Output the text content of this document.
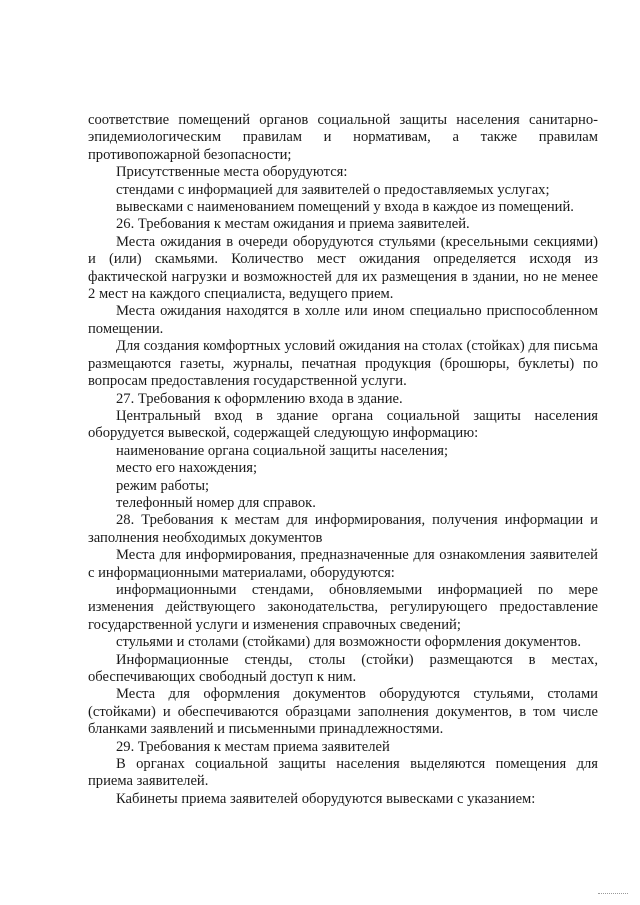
соответствие помещений органов социальной защиты населения санитарно-эпидемиологическим правилам и нормативам, а также правилам противопожарной безопасности;

Присутственные места оборудуются:

стендами с информацией для заявителей о предоставляемых услугах;

вывесками с наименованием помещений у входа в каждое из помещений.

26. Требования к местам ожидания и приема заявителей.

Места ожидания в очереди оборудуются стульями (кресельными секциями) и (или) скамьями. Количество мест ожидания определяется исходя из фактической нагрузки и возможностей для их размещения в здании, но не менее 2 мест на каждого специалиста, ведущего прием.

Места ожидания находятся в холле или ином специально приспособленном помещении.

Для создания комфортных условий ожидания на столах (стойках) для письма размещаются газеты, журналы, печатная продукция (брошюры, буклеты) по вопросам предоставления государственной услуги.

27. Требования к оформлению входа в здание.

Центральный вход в здание органа социальной защиты населения оборудуется вывеской, содержащей следующую информацию:

наименование органа социальной защиты населения;

место его нахождения;

режим работы;

телефонный номер для справок.

28. Требования к местам для информирования, получения информации и заполнения необходимых документов

Места для информирования, предназначенные для ознакомления заявителей с информационными материалами, оборудуются:

информационными стендами, обновляемыми информацией по мере изменения действующего законодательства, регулирующего предоставление государственной услуги и изменения справочных сведений;

стульями и столами (стойками) для возможности оформления документов.

Информационные стенды, столы (стойки) размещаются в местах, обеспечивающих свободный доступ к ним.

Места для оформления документов оборудуются стульями, столами (стойками) и обеспечиваются образцами заполнения документов, в том числе бланками заявлений и письменными принадлежностями.

29. Требования к местам приема заявителей

В органах социальной защиты населения выделяются помещения для приема заявителей.

Кабинеты приема заявителей оборудуются вывесками с указанием:
